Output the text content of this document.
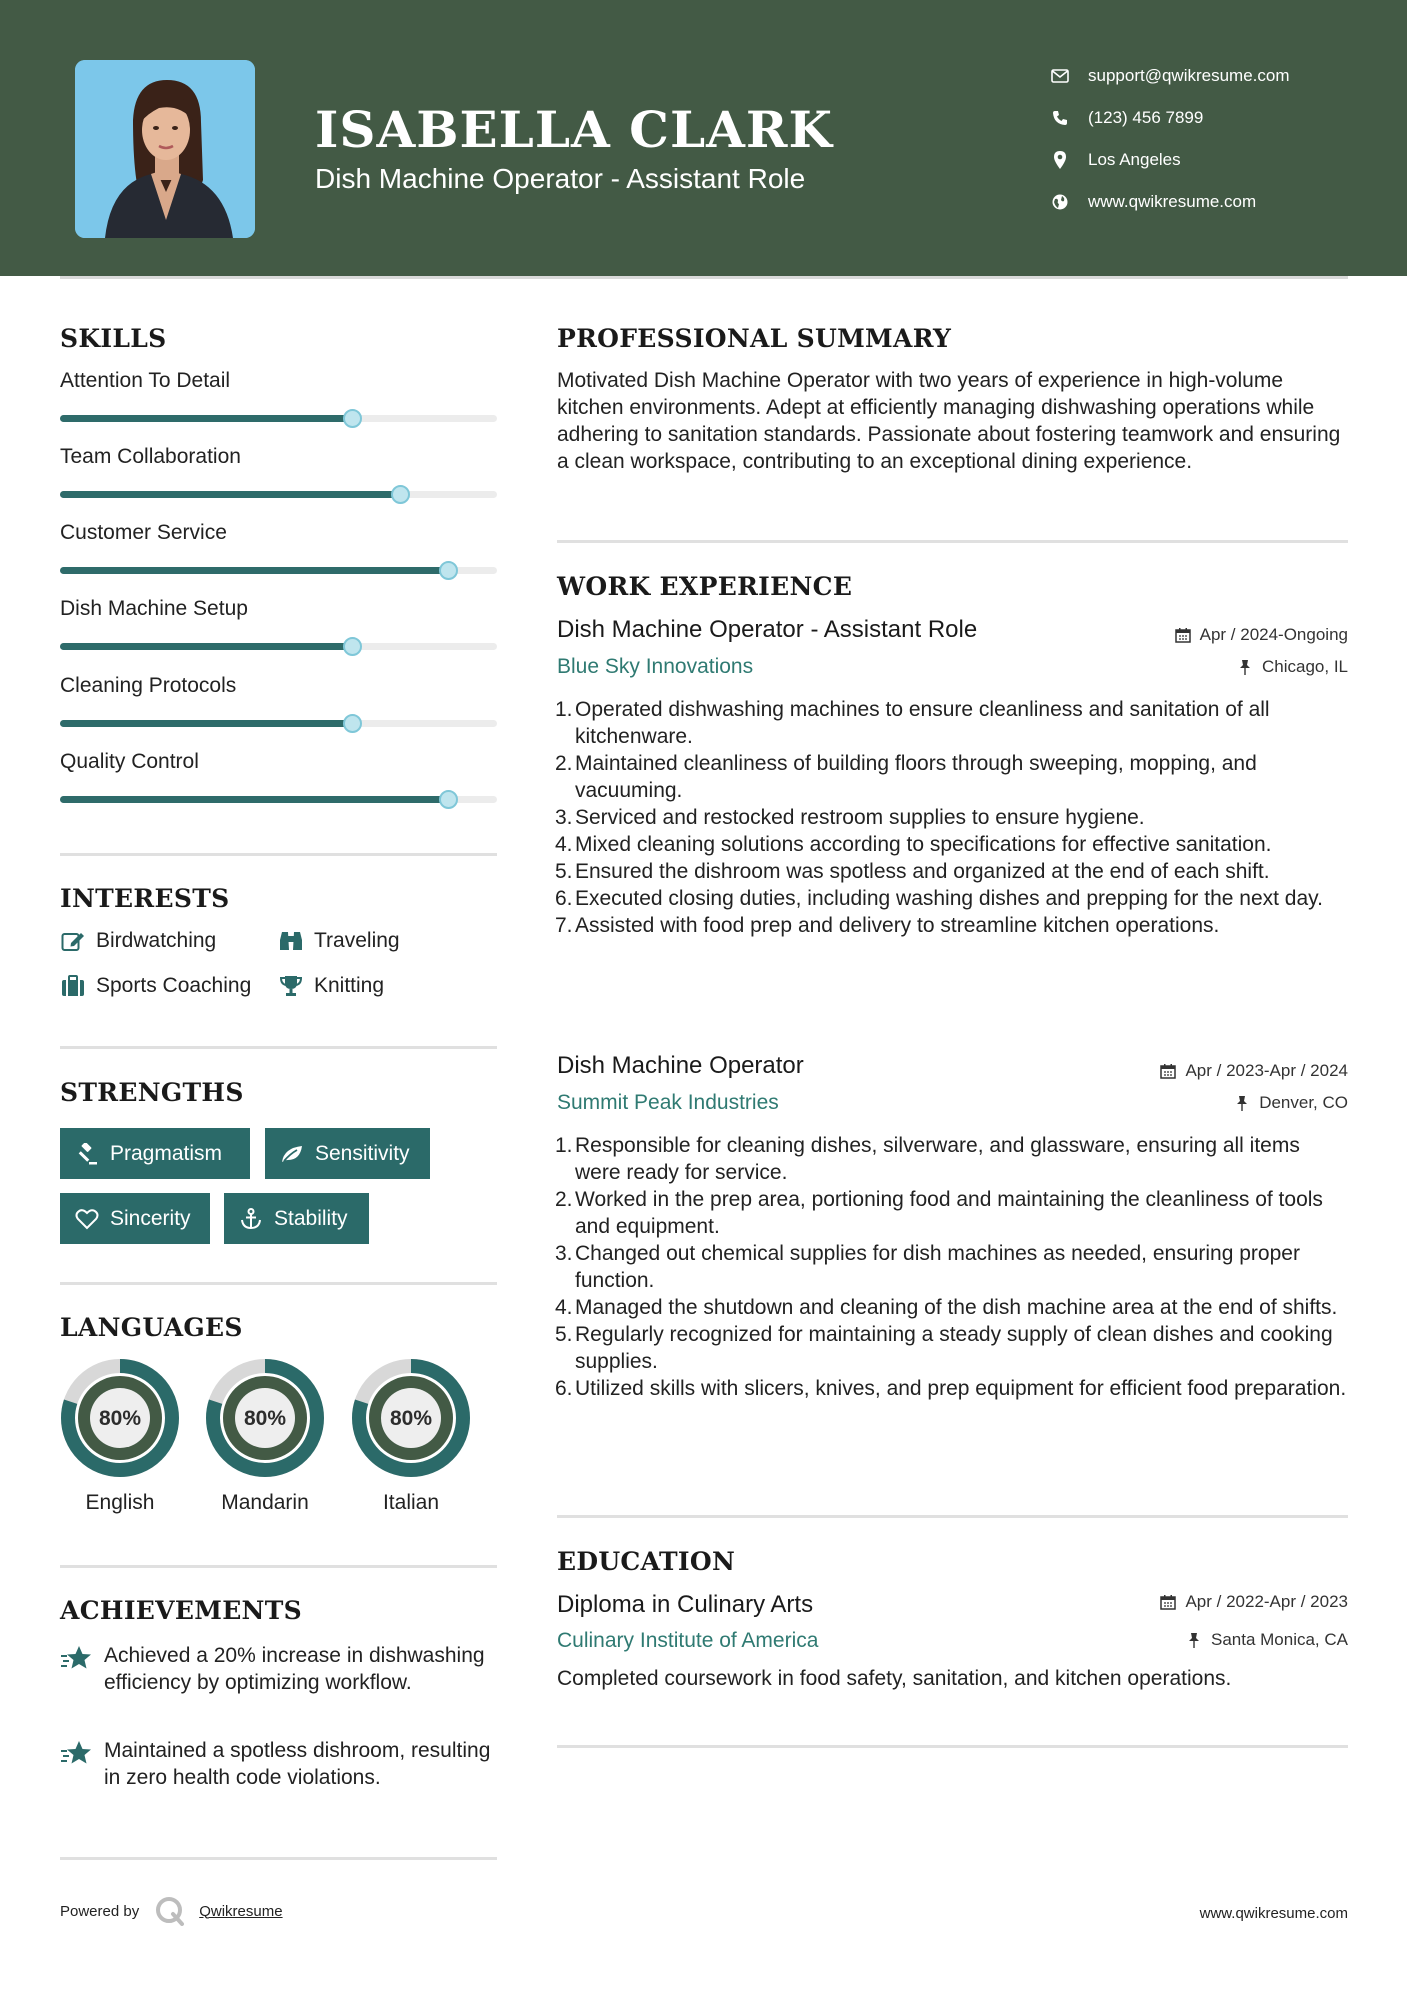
ISABELLA CLARK
Dish Machine Operator - Assistant Role
support@qwikresume.com
(123) 456 7899
Los Angeles
www.qwikresume.com
SKILLS
Attention To Detail
Team Collaboration
Customer Service
Dish Machine Setup
Cleaning Protocols
Quality Control
INTERESTS
Birdwatching	Traveling
Sports Coaching	Knitting
STRENGTHS
Pragmatism	Sensitivity
Sincerity	Stability
LANGUAGES
80%
English
80%
Mandarin
80%
Italian
ACHIEVEMENTS
Achieved a 20% increase in dishwashing efficiency by optimizing workflow.
Maintained a spotless dishroom, resulting in zero health code violations.
PROFESSIONAL SUMMARY
Motivated Dish Machine Operator with two years of experience in high-volume kitchen environments. Adept at efficiently managing dishwashing operations while adhering to sanitation standards. Passionate about fostering teamwork and ensuring a clean workspace, contributing to an exceptional dining experience.
WORK EXPERIENCE
Dish Machine Operator - Assistant Role	Apr / 2024-Ongoing
Blue Sky Innovations	Chicago, IL
1. Operated dishwashing machines to ensure cleanliness and sanitation of all kitchenware.
2. Maintained cleanliness of building floors through sweeping, mopping, and vacuuming.
3. Serviced and restocked restroom supplies to ensure hygiene.
4. Mixed cleaning solutions according to specifications for effective sanitation.
5. Ensured the dishroom was spotless and organized at the end of each shift.
6. Executed closing duties, including washing dishes and prepping for the next day.
7. Assisted with food prep and delivery to streamline kitchen operations.
Dish Machine Operator	Apr / 2023-Apr / 2024
Summit Peak Industries	Denver, CO
1. Responsible for cleaning dishes, silverware, and glassware, ensuring all items were ready for service.
2. Worked in the prep area, portioning food and maintaining the cleanliness of tools and equipment.
3. Changed out chemical supplies for dish machines as needed, ensuring proper function.
4. Managed the shutdown and cleaning of the dish machine area at the end of shifts.
5. Regularly recognized for maintaining a steady supply of clean dishes and cooking supplies.
6. Utilized skills with slicers, knives, and prep equipment for efficient food preparation.
EDUCATION
Diploma in Culinary Arts	Apr / 2022-Apr / 2023
Culinary Institute of America	Santa Monica, CA
Completed coursework in food safety, sanitation, and kitchen operations.
Powered by	Qwikresume	www.qwikresume.com
